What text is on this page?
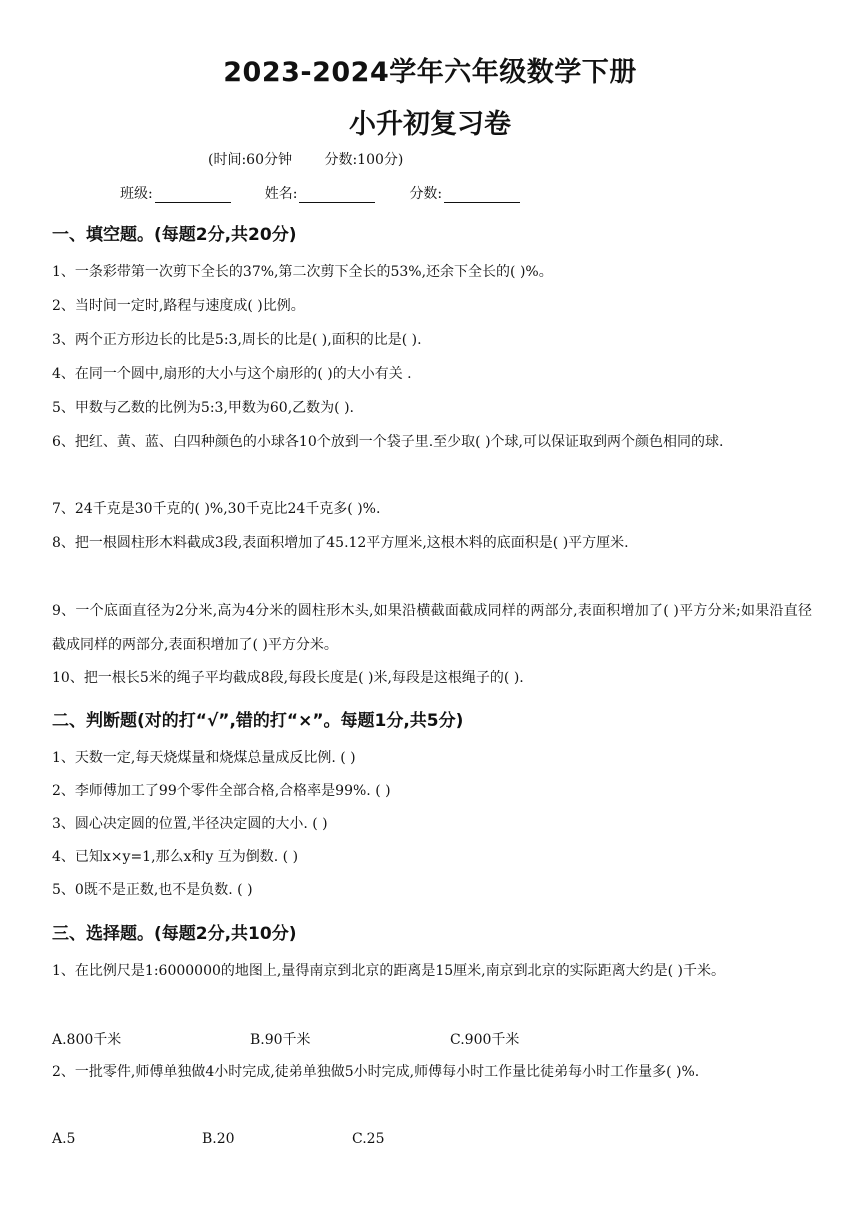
2023-2024学年六年级数学下册
小升初复习卷
(时间:60分钟 分数:100分)
班级:	姓名:	分数:
一、填空题。(每题2分,共20分)
1、一条彩带第一次剪下全长的37%,第二次剪下全长的53%,还余下全长的( )%。
2、当时间一定时,路程与速度成( )比例。
3、两个正方形边长的比是5:3,周长的比是( ),面积的比是( ).
4、在同一个圆中,扇形的大小与这个扇形的( )的大小有关 .
5、甲数与乙数的比例为5:3,甲数为60,乙数为( ).
6、把红、黄、蓝、白四种颜色的小球各10个放到一个袋子里.至少取( )个球,可以保证取到两个颜色相同的球.
7、24千克是30千克的( )%,30千克比24千克多( )%.
8、把一根圆柱形木料截成3段,表面积增加了45.12平方厘米,这根木料的底面积是( )平方厘米.
9、一个底面直径为2分米,高为4分米的圆柱形木头,如果沿横截面截成同样的两部分,表面积增加了( )平方分米;如果沿直径截成同样的两部分,表面积增加了( )平方分米。
10、把一根长5米的绳子平均截成8段,每段长度是( )米,每段是这根绳子的( ).
二、判断题(对的打“√”,错的打“×”。每题1分,共5分)
1、天数一定,每天烧煤量和烧煤总量成反比例. ( )
2、李师傅加工了99个零件全部合格,合格率是99%. ( )
3、圆心决定圆的位置,半径决定圆的大小. ( )
4、已知x×y=1,那么x和y 互为倒数. ( )
5、0既不是正数,也不是负数. ( )
三、选择题。(每题2分,共10分)
1、在比例尺是1:6000000的地图上,量得南京到北京的距离是15厘米,南京到北京的实际距离大约是( )千米。
A.800千米	B.90千米	C.900千米
2、一批零件,师傅单独做4小时完成,徒弟单独做5小时完成,师傅每小时工作量比徒弟每小时工作量多( )%.
A.5	B.20	C.25
